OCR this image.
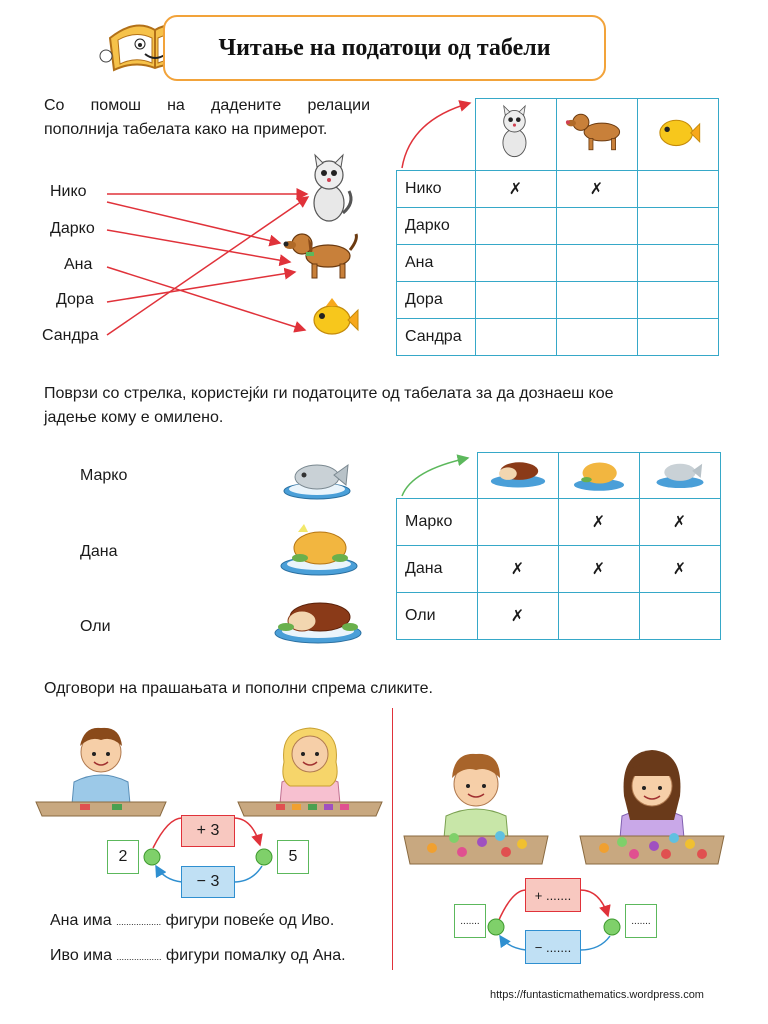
Читање на податоци од табели
Со помош на дадените релации
пополнија табелата како на примерот.
Нико
Дарко
Ана
Дора
Сандра

Нико	✗	✗	
Дарко			
Ана			
Дора			
Сандра			
Поврзи со стрелка, користејќи ги податоците од табелата за да дознаеш кое
јадење кому е омилено.
Марко
Дана
Оли

Марко		✗	✗
Дана	✗	✗	✗
Оли	✗		
Одговори на прашањата и пополни спрема сликите.
2	5
+ 3
− 3
Ана има .................. фигури повеќе од Иво.
Иво има .................. фигури помалку од Ана.
.......	.......
+ .......
− .......
https://funtasticmathematics.wordpress.com
